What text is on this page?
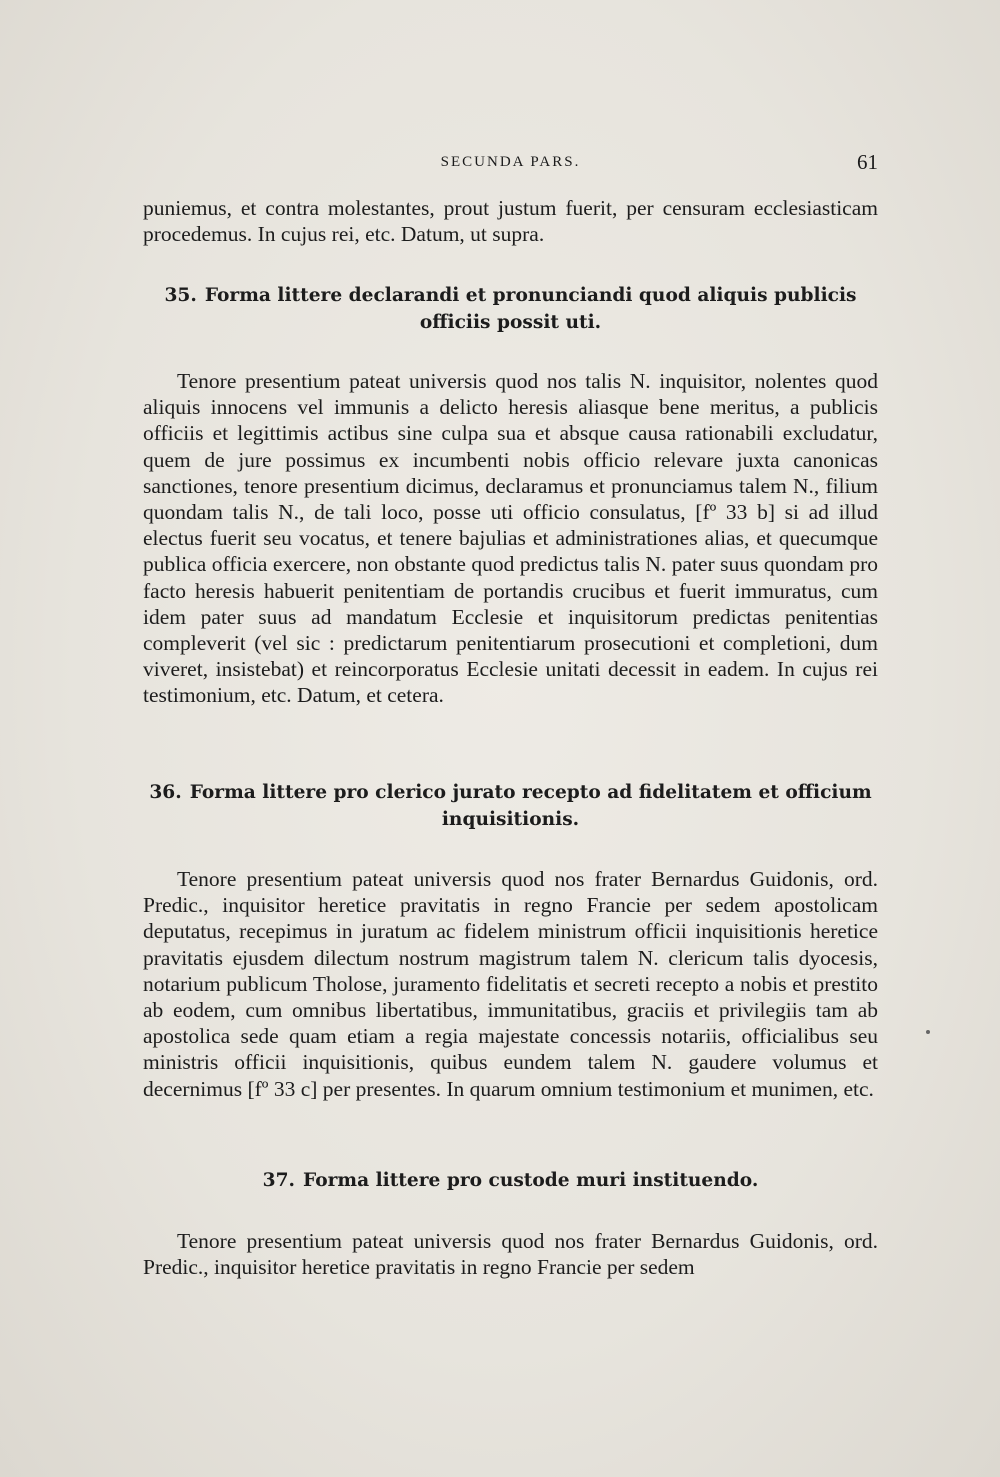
SECUNDA PARS.	61

puniemus, et contra molestantes, prout justum fuerit, per censuram ecclesiasticam procedemus. In cujus rei, etc. Datum, ut supra.

35. Forma littere declarandi et pronunciandi quod aliquis publicis officiis possit uti.

Tenore presentium pateat universis quod nos talis N. inquisitor, nolentes quod aliquis innocens vel immunis a delicto heresis aliasque bene meritus, a publicis officiis et legittimis actibus sine culpa sua et absque causa rationabili excludatur, quem de jure possimus ex incumbenti nobis officio relevare juxta canonicas sanctiones, tenore presentium dicimus, declaramus et pronunciamus talem N., filium quondam talis N., de tali loco, posse uti officio consulatus, [fº 33 b] si ad illud electus fuerit seu vocatus, et tenere bajulias et administrationes alias, et quecumque publica officia exercere, non obstante quod predictus talis N. pater suus quondam pro facto heresis habuerit penitentiam de portandis crucibus et fuerit immuratus, cum idem pater suus ad mandatum Ecclesie et inquisitorum predictas penitentias compleverit (vel sic : predictarum penitentiarum prosecutioni et completioni, dum viveret, insistebat) et reincorporatus Ecclesie unitati decessit in eadem. In cujus rei testimonium, etc. Datum, et cetera.

36. Forma littere pro clerico jurato recepto ad fidelitatem et officium inquisitionis.

Tenore presentium pateat universis quod nos frater Bernardus Guidonis, ord. Predic., inquisitor heretice pravitatis in regno Francie per sedem apostolicam deputatus, recepimus in juratum ac fidelem ministrum officii inquisitionis heretice pravitatis ejusdem dilectum nostrum magistrum talem N. clericum talis dyocesis, notarium publicum Tholose, juramento fidelitatis et secreti recepto a nobis et prestito ab eodem, cum omnibus libertatibus, immunitatibus, graciis et privilegiis tam ab apostolica sede quam etiam a regia majestate concessis notariis, officialibus seu ministris officii inquisitionis, quibus eundem talem N. gaudere volumus et decernimus [fº 33 c] per presentes. In quarum omnium testimonium et munimen, etc.

37. Forma littere pro custode muri instituendo.

Tenore presentium pateat universis quod nos frater Bernardus Guidonis, ord. Predic., inquisitor heretice pravitatis in regno Francie per sedem
